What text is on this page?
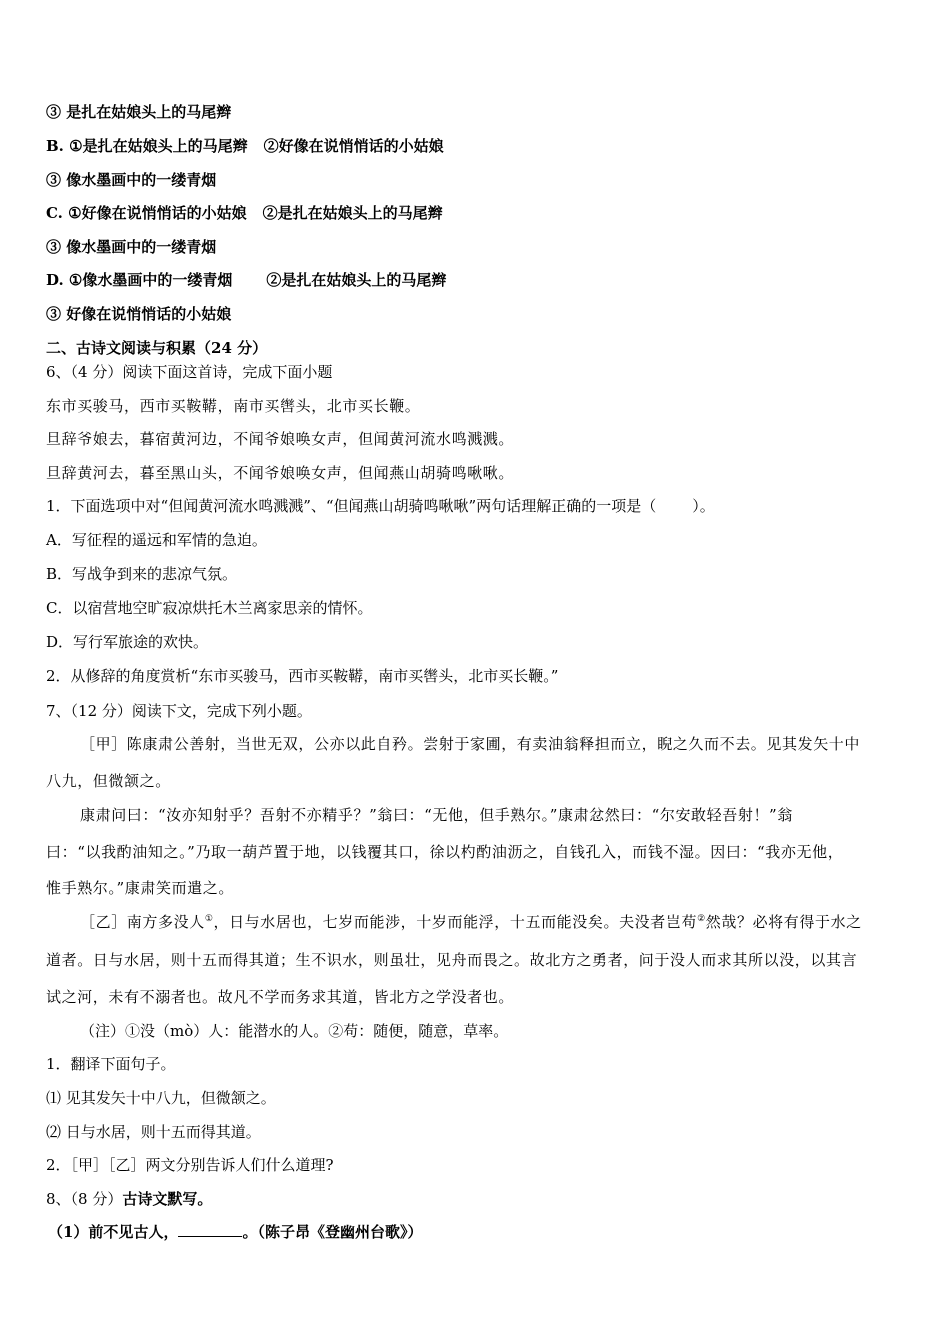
③ 是扎在姑娘头上的马尾辫
B. ①是扎在姑娘头上的马尾辫 ②好像在说悄悄话的小姑娘
③ 像水墨画中的一缕青烟
C. ①好像在说悄悄话的小姑娘 ②是扎在姑娘头上的马尾辫
③ 像水墨画中的一缕青烟
D. ①像水墨画中的一缕青烟 ②是扎在姑娘头上的马尾辫
③ 好像在说悄悄话的小姑娘
二、古诗文阅读与积累（24 分）
6、（4 分）阅读下面这首诗，完成下面小题
东市买骏马，西市买鞍鞯，南市买辔头，北市买长鞭。
旦辞爷娘去，暮宿黄河边，不闻爷娘唤女声，但闻黄河流水鸣溅溅。
旦辞黄河去，暮至黑山头，不闻爷娘唤女声，但闻燕山胡骑鸣啾啾。
1．下面选项中对“但闻黄河流水鸣溅溅”、“但闻燕山胡骑鸣啾啾”两句话理解正确的一项是（ ）。
A．写征程的遥远和军情的急迫。
B．写战争到来的悲凉气氛。
C．以宿营地空旷寂凉烘托木兰离家思亲的情怀。
D．写行军旅途的欢快。
2．从修辞的角度赏析“东市买骏马，西市买鞍鞯，南市买辔头，北市买长鞭。”
7、（12 分）阅读下文，完成下列小题。
［甲］陈康肃公善射，当世无双，公亦以此自矜。尝射于家圃，有卖油翁释担而立，睨之久而不去。见其发矢十中
八九，但微颔之。
康肃问曰：“汝亦知射乎？吾射不亦精乎？”翁曰：“无他，但手熟尔。”康肃忿然曰：“尔安敢轻吾射！”翁
曰：“以我酌油知之。”乃取一葫芦置于地，以钱覆其口，徐以杓酌油沥之，自钱孔入，而钱不湿。因曰：“我亦无他，
惟手熟尔。”康肃笑而遣之。
［乙］南方多没人①，日与水居也，七岁而能涉，十岁而能浮，十五而能没矣。夫没者岂苟②然哉？必将有得于水之
道者。日与水居，则十五而得其道；生不识水，则虽壮，见舟而畏之。故北方之勇者，问于没人而求其所以没，以其言
试之河，未有不溺者也。故凡不学而务求其道，皆北方之学没者也。
（注）①没（mò）人：能潜水的人。②苟：随便，随意，草率。
1．翻译下面句子。
⑴ 见其发矢十中八九，但微颔之。
⑵ 日与水居，则十五而得其道。
2．［甲］［乙］两文分别告诉人们什么道理?
8、（8 分）古诗文默写。
（1）前不见古人，	。（陈子昂《登幽州台歌》）
